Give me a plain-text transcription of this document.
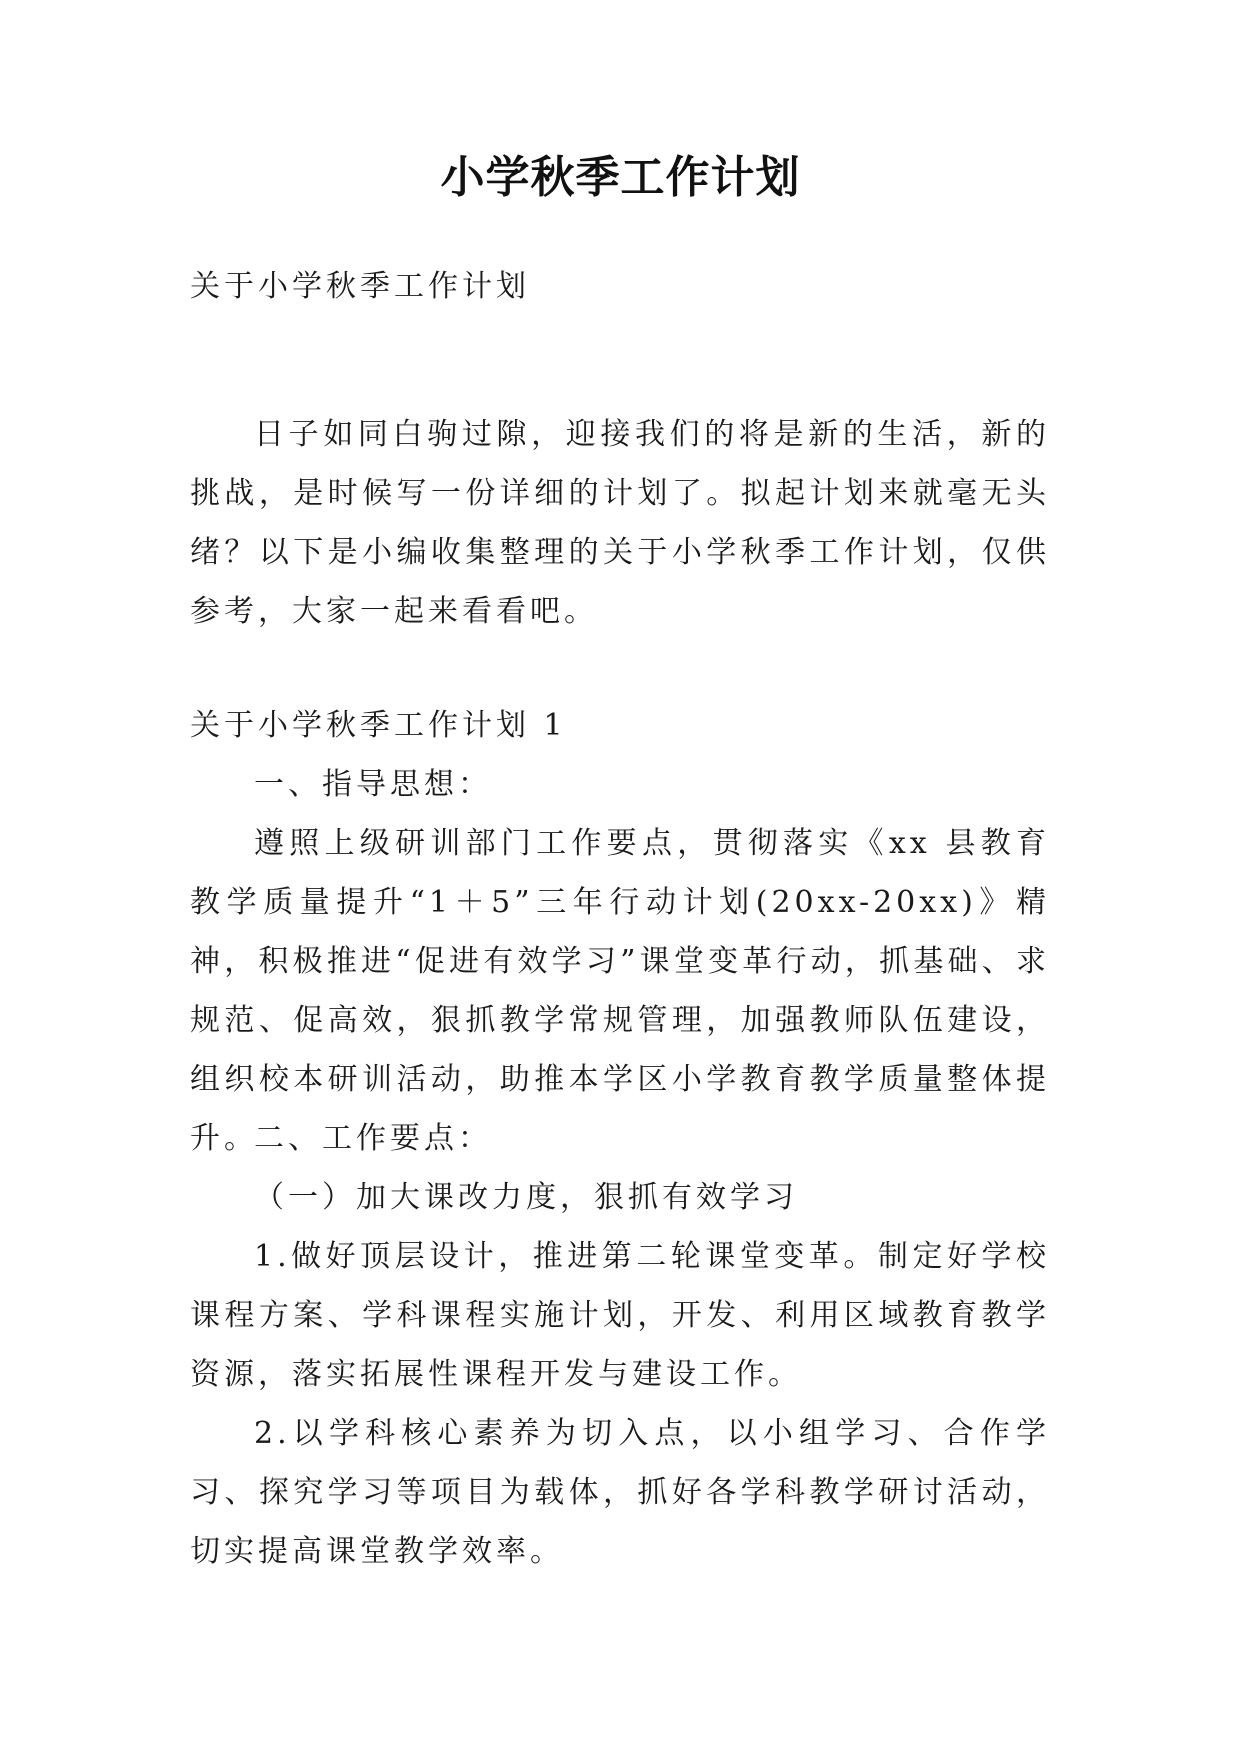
小学秋季工作计划

关于小学秋季工作计划

日子如同白驹过隙，迎接我们的将是新的生活，新的挑战，是时候写一份详细的计划了。拟起计划来就毫无头绪？以下是小编收集整理的关于小学秋季工作计划，仅供参考，大家一起来看看吧。

关于小学秋季工作计划 1

一、指导思想：

遵照上级研训部门工作要点，贯彻落实《xx 县教育教学质量提升“1＋5”三年行动计划(20xx-20xx)》精神，积极推进“促进有效学习”课堂变革行动，抓基础、求规范、促高效，狠抓教学常规管理，加强教师队伍建设，组织校本研训活动，助推本学区小学教育教学质量整体提升。

二、工作要点：

（一）加大课改力度，狠抓有效学习

1.做好顶层设计，推进第二轮课堂变革。制定好学校课程方案、学科课程实施计划，开发、利用区域教育教学资源，落实拓展性课程开发与建设工作。

2.以学科核心素养为切入点，以小组学习、合作学习、探究学习等项目为载体，抓好各学科教学研讨活动，切实提高课堂教学效率。
